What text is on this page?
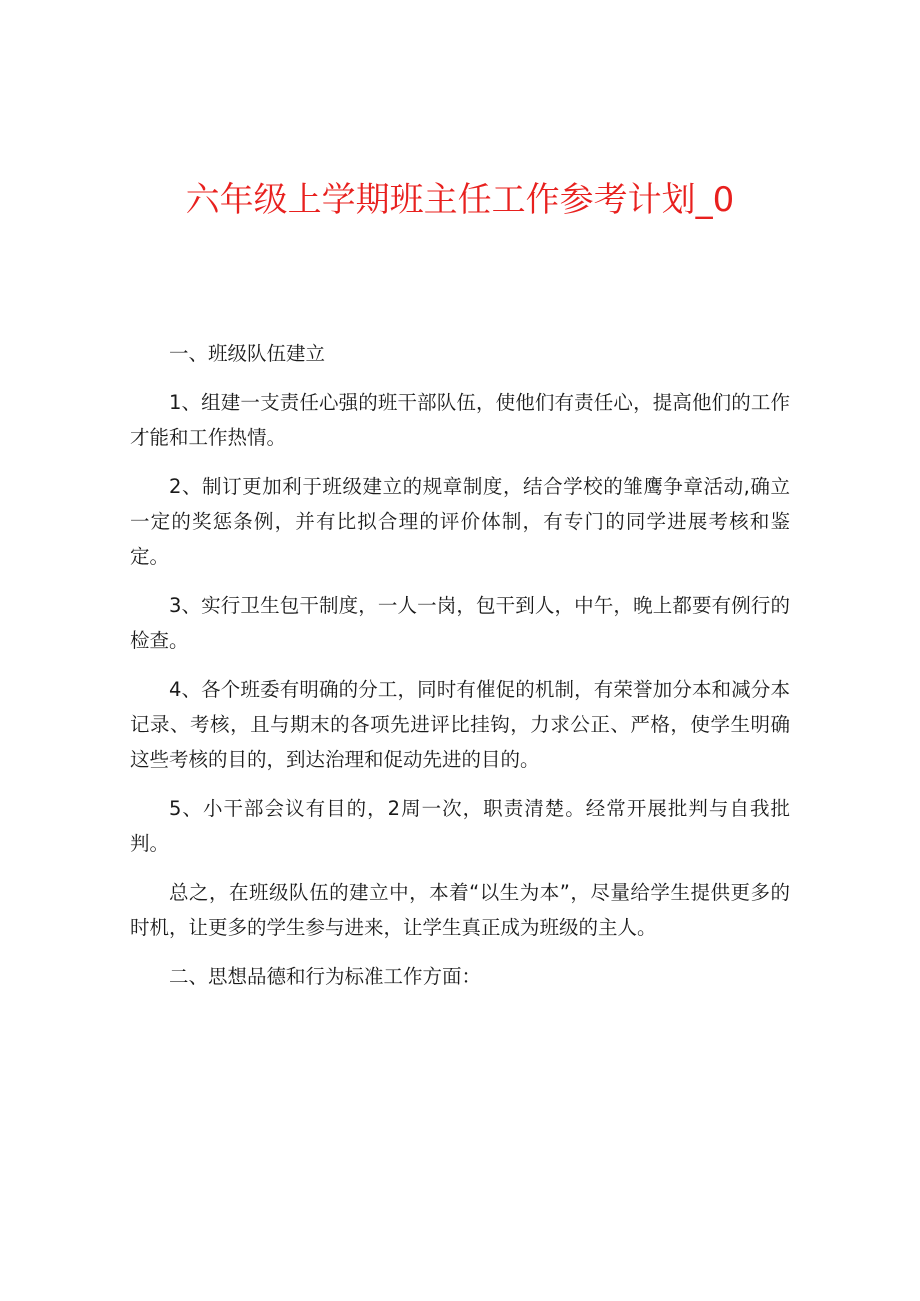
六年级上学期班主任工作参考计划_0

一、班级队伍建立

1、组建一支责任心强的班干部队伍，使他们有责任心，提高他们的工作才能和工作热情。

2、制订更加利于班级建立的规章制度，结合学校的雏鹰争章活动,确立一定的奖惩条例，并有比拟合理的评价体制，有专门的同学进展考核和鉴定。

3、实行卫生包干制度，一人一岗，包干到人，中午，晚上都要有例行的检查。

4、各个班委有明确的分工，同时有催促的机制，有荣誉加分本和减分本记录、考核，且与期末的各项先进评比挂钩，力求公正、严格，使学生明确这些考核的目的，到达治理和促动先进的目的。

5、小干部会议有目的，2周一次，职责清楚。经常开展批判与自我批判。

总之，在班级队伍的建立中，本着“以生为本”，尽量给学生提供更多的时机，让更多的学生参与进来，让学生真正成为班级的主人。

二、思想品德和行为标准工作方面：
